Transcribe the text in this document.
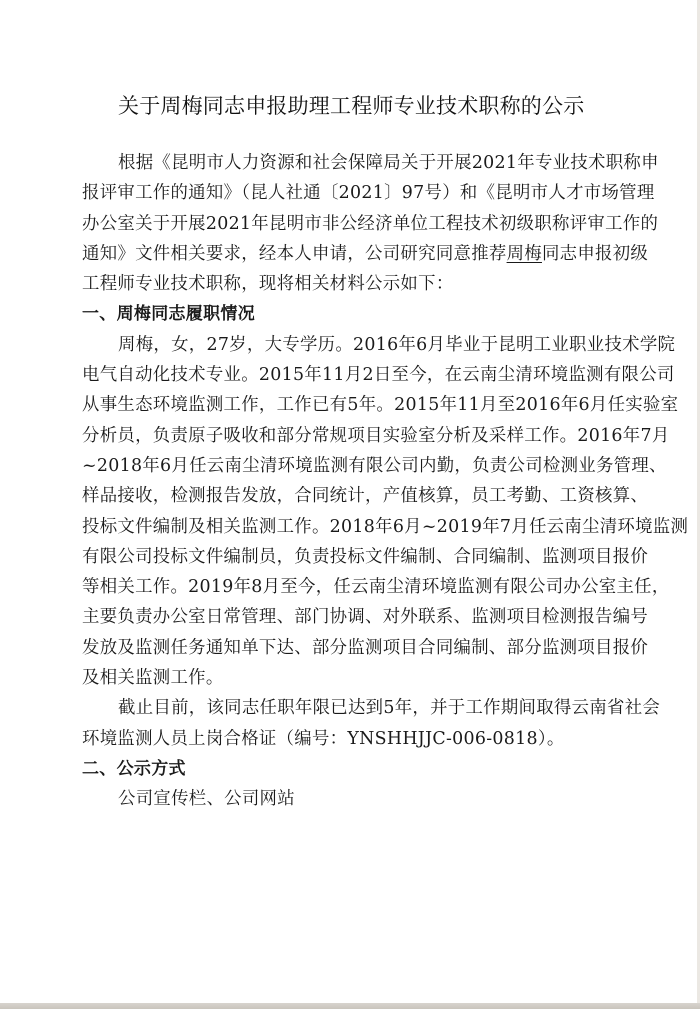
关于周梅同志申报助理工程师专业技术职称的公示
根据《昆明市人力资源和社会保障局关于开展2021年专业技术职称申
报评审工作的通知》（昆人社通〔2021〕97号）和《昆明市人才市场管理
办公室关于开展2021年昆明市非公经济单位工程技术初级职称评审工作的
通知》文件相关要求，经本人申请，公司研究同意推荐周梅同志申报初级
工程师专业技术职称，现将相关材料公示如下：
一、周梅同志履职情况
周梅，女，27岁，大专学历。2016年6月毕业于昆明工业职业技术学院
电气自动化技术专业。2015年11月2日至今，在云南尘清环境监测有限公司
从事生态环境监测工作，工作已有5年。2015年11月至2016年6月任实验室
分析员，负责原子吸收和部分常规项目实验室分析及采样工作。2016年7月
~2018年6月任云南尘清环境监测有限公司内勤，负责公司检测业务管理、
样品接收，检测报告发放，合同统计，产值核算，员工考勤、工资核算、
投标文件编制及相关监测工作。2018年6月~2019年7月任云南尘清环境监测
有限公司投标文件编制员，负责投标文件编制、合同编制、监测项目报价
等相关工作。2019年8月至今，任云南尘清环境监测有限公司办公室主任，
主要负责办公室日常管理、部门协调、对外联系、监测项目检测报告编号
发放及监测任务通知单下达、部分监测项目合同编制、部分监测项目报价
及相关监测工作。
截止目前，该同志任职年限已达到5年，并于工作期间取得云南省社会
环境监测人员上岗合格证（编号：YNSHHJJC-006-0818）。
二、公示方式
公司宣传栏、公司网站
